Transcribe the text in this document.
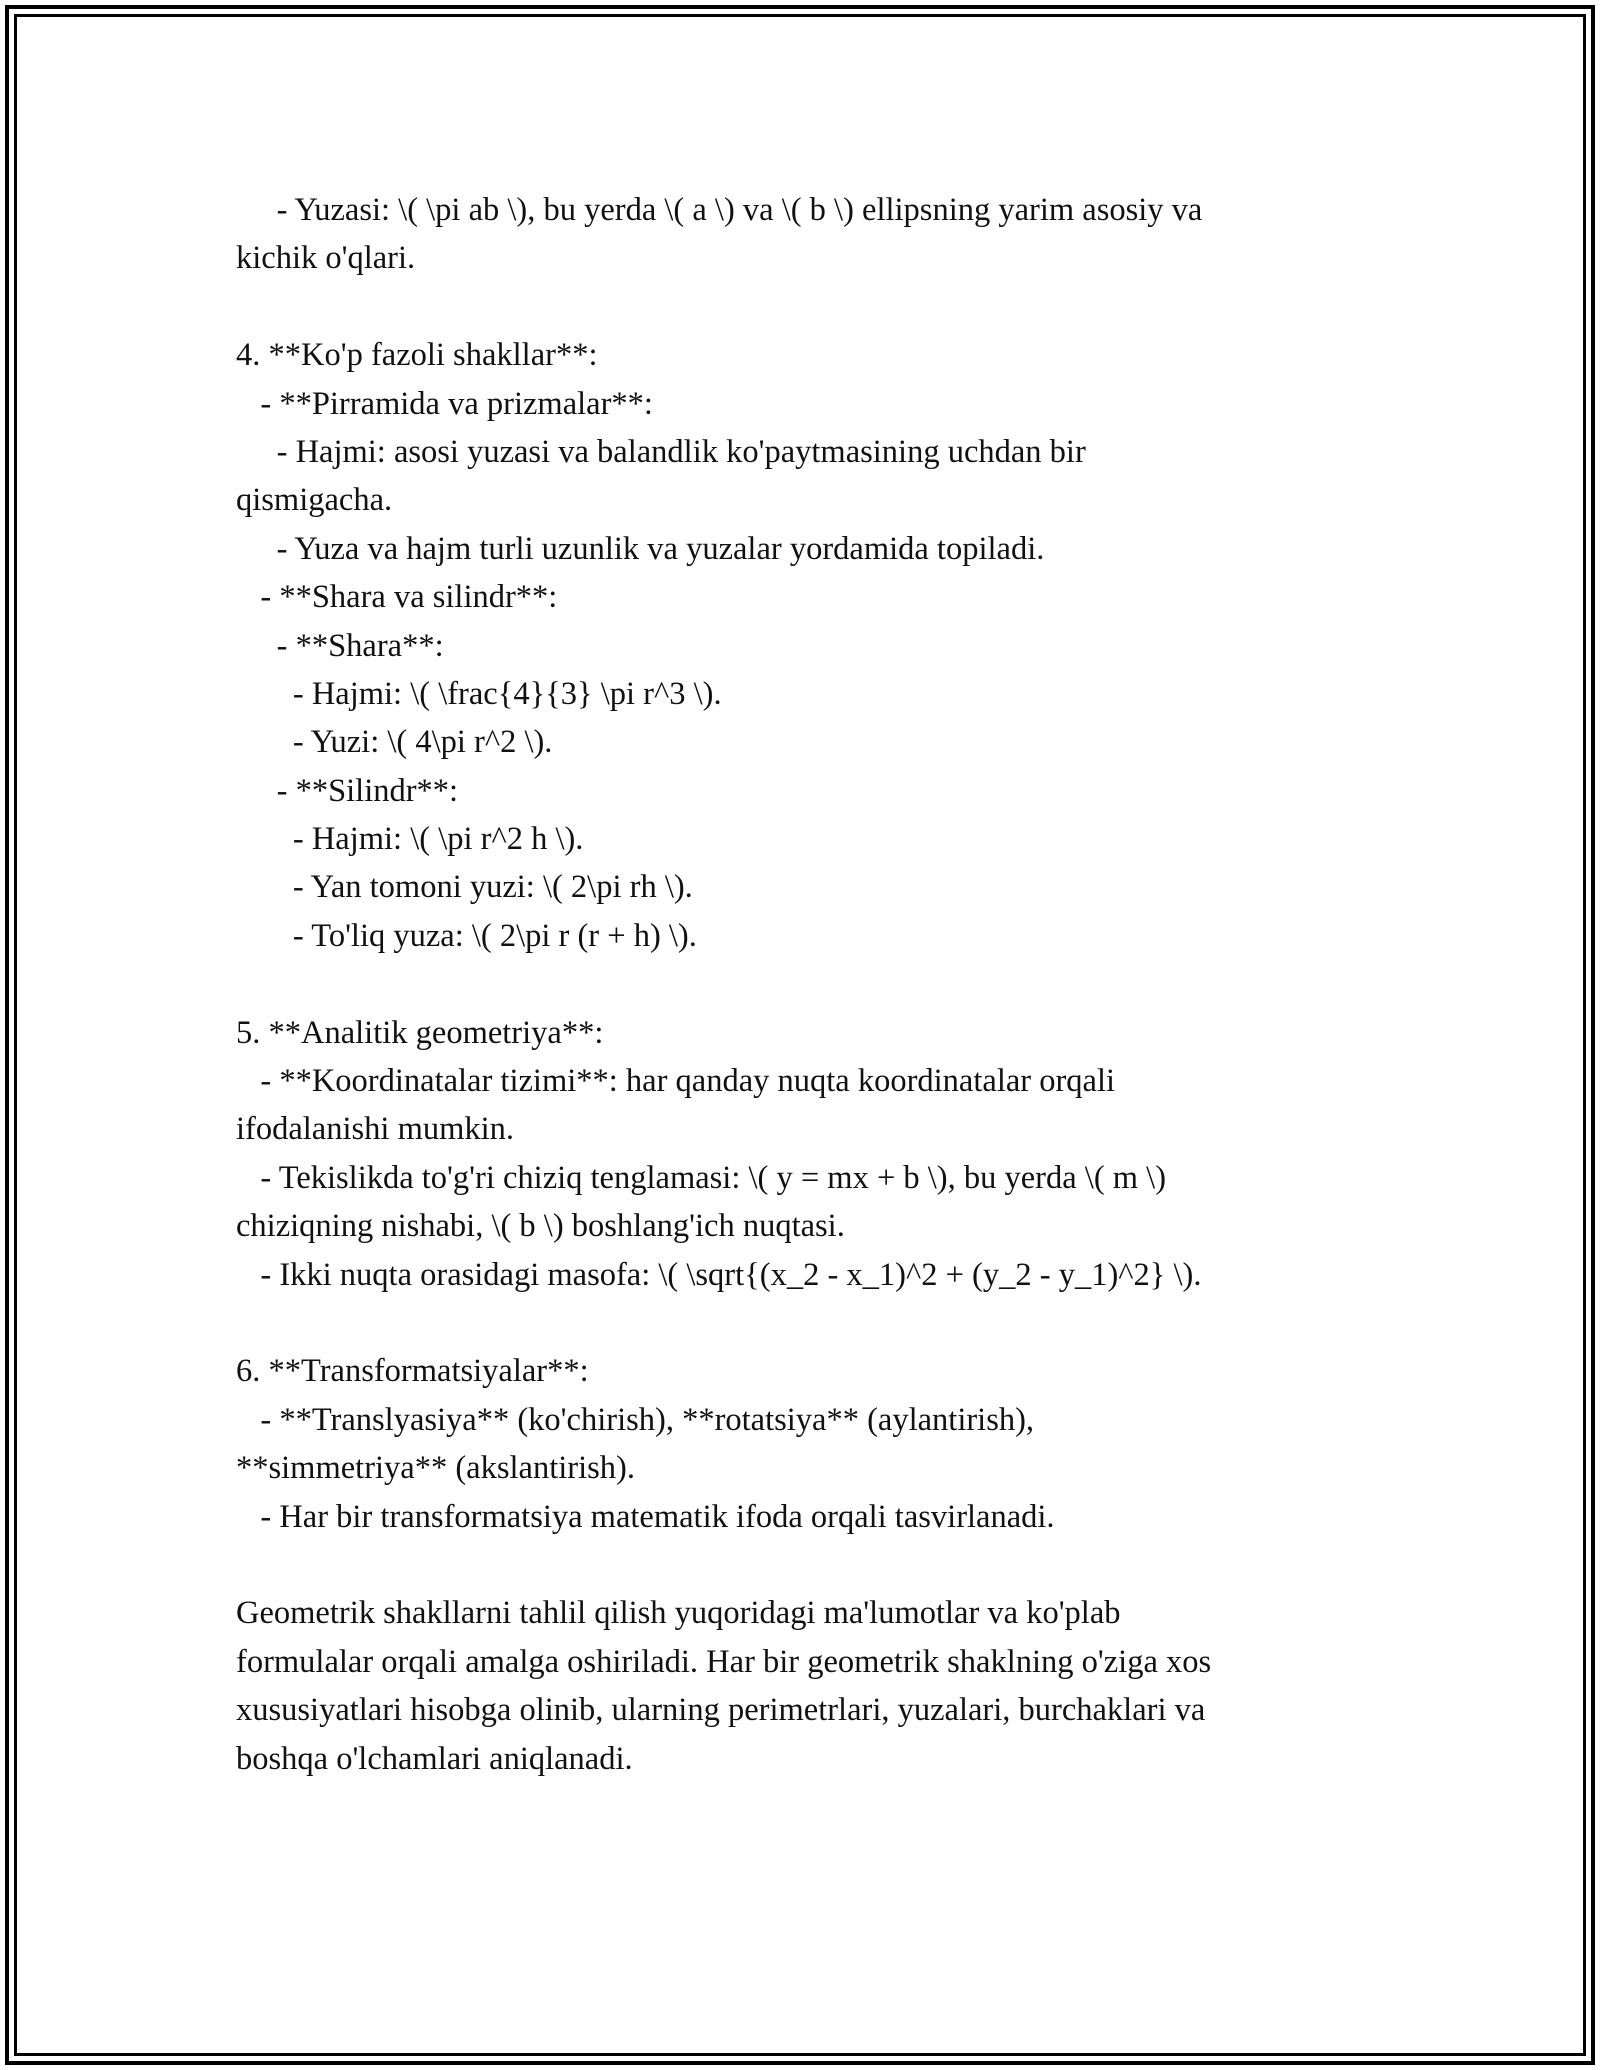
- Yuzasi: \( \pi ab \), bu yerda \( a \) va \( b \) ellipsning yarim asosiy va
kichik o'qlari.
4. **Ko'p fazoli shakllar**:
- **Pirramida va prizmalar**:
- Hajmi: asosi yuzasi va balandlik ko'paytmasining uchdan bir
qismigacha.
- Yuza va hajm turli uzunlik va yuzalar yordamida topiladi.
- **Shara va silindr**:
- **Shara**:
- Hajmi: \( \frac{4}{3} \pi r^3 \).
- Yuzi: \( 4\pi r^2 \).
- **Silindr**:
- Hajmi: \( \pi r^2 h \).
- Yan tomoni yuzi: \( 2\pi rh \).
- To'liq yuza: \( 2\pi r (r + h) \).
5. **Analitik geometriya**:
- **Koordinatalar tizimi**: har qanday nuqta koordinatalar orqali
ifodalanishi mumkin.
- Tekislikda to'g'ri chiziq tenglamasi: \( y = mx + b \), bu yerda \( m \)
chiziqning nishabi, \( b \) boshlang'ich nuqtasi.
- Ikki nuqta orasidagi masofa: \( \sqrt{(x_2 - x_1)^2 + (y_2 - y_1)^2} \).
6. **Transformatsiyalar**:
- **Translyasiya** (ko'chirish), **rotatsiya** (aylantirish),
**simmetriya** (akslantirish).
- Har bir transformatsiya matematik ifoda orqali tasvirlanadi.
Geometrik shakllarni tahlil qilish yuqoridagi ma'lumotlar va ko'plab
formulalar orqali amalga oshiriladi. Har bir geometrik shaklning o'ziga xos
xususiyatlari hisobga olinib, ularning perimetrlari, yuzalari, burchaklari va
boshqa o'lchamlari aniqlanadi.
